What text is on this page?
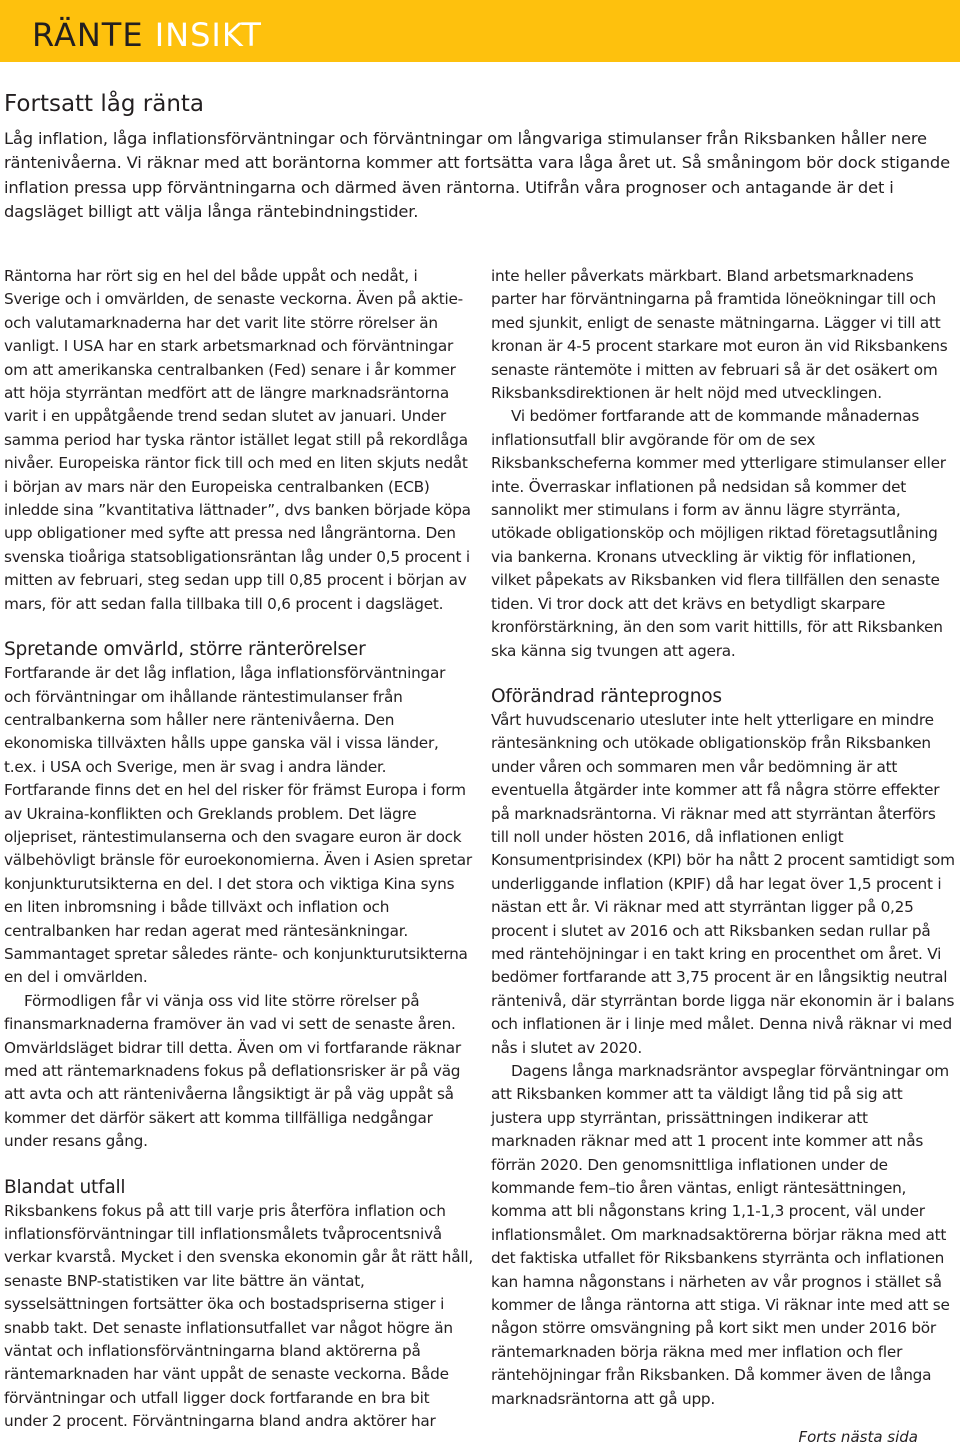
RÄNTE INSIKT
Fortsatt låg ränta

Låg inflation, låga inflationsförväntningar och förväntningar om långvariga stimulanser från Riksbanken håller nere räntenivåerna. Vi räknar med att boräntorna kommer att fortsätta vara låga året ut. Så småningom bör dock stigande inflation pressa upp förväntningarna och därmed även räntorna. Utifrån våra prognoser och antagande är det i dagsläget billigt att välja långa räntebindningstider.

Räntorna har rört sig en hel del både uppåt och nedåt, i Sverige och i omvärlden, de senaste veckorna. Även på aktie- och valutamarknaderna har det varit lite större rörelser än vanligt. I USA har en stark arbetsmarknad och förväntningar om att amerikanska centralbanken (Fed) senare i år kommer att höja styrräntan medfört att de längre marknadsräntorna varit i en uppåtgående trend sedan slutet av januari. Under samma period har tyska räntor istället legat still på rekordlåga nivåer. Europeiska räntor fick till och med en liten skjuts nedåt i början av mars när den Europeiska centralbanken (ECB) inledde sina ”kvantitativa lättnader”, dvs banken började köpa upp obligationer med syfte att pressa ned långräntorna. Den svenska tioåriga statsobligationsräntan låg under 0,5 procent i mitten av februari, steg sedan upp till 0,85 procent i början av mars, för att sedan falla tillbaka till 0,6 procent i dagsläget.

Spretande omvärld, större ränterörelser

Fortfarande är det låg inflation, låga inflationsförväntningar och förväntningar om ihållande räntestimulanser från centralbankerna som håller nere räntenivåerna. Den ekonomiska tillväxten hålls uppe ganska väl i vissa länder, t.ex. i USA och Sverige, men är svag i andra länder. Fortfarande finns det en hel del risker för främst Europa i form av Ukraina-konflikten och Greklands problem. Det lägre oljepriset, räntestimulanserna och den svagare euron är dock välbehövligt bränsle för euroekonomierna. Även i Asien spretar konjunkturutsikterna en del. I det stora och viktiga Kina syns en liten inbromsning i både tillväxt och inflation och centralbanken har redan agerat med räntesänkningar. Sammantaget spretar således ränte- och konjunkturutsikterna en del i omvärlden.

Förmodligen får vi vänja oss vid lite större rörelser på finansmarknaderna framöver än vad vi sett de senaste åren. Omvärldsläget bidrar till detta. Även om vi fortfarande räknar med att räntemarknadens fokus på deflationsrisker är på väg att avta och att räntenivåerna långsiktigt är på väg uppåt så kommer det därför säkert att komma tillfälliga nedgångar under resans gång.

Blandat utfall

Riksbankens fokus på att till varje pris återföra inflation och inflationsförväntningar till inflationsmålets tvåprocentsnivå verkar kvarstå. Mycket i den svenska ekonomin går åt rätt håll, senaste BNP-statistiken var lite bättre än väntat, sysselsättningen fortsätter öka och bostadspriserna stiger i snabb takt. Det senaste inflationsutfallet var något högre än väntat och inflationsförväntningarna bland aktörerna på räntemarknaden har vänt uppåt de senaste veckorna. Både förväntningar och utfall ligger dock fortfarande en bra bit under 2 procent. Förväntningarna bland andra aktörer har

inte heller påverkats märkbart. Bland arbetsmarknadens parter har förväntningarna på framtida löneökningar till och med sjunkit, enligt de senaste mätningarna. Lägger vi till att kronan är 4-5 procent starkare mot euron än vid Riksbankens senaste räntemöte i mitten av februari så är det osäkert om Riksbanksdirektionen är helt nöjd med utvecklingen.

Vi bedömer fortfarande att de kommande månadernas inflationsutfall blir avgörande för om de sex Riksbankscheferna kommer med ytterligare stimulanser eller inte. Överraskar inflationen på nedsidan så kommer det sannolikt mer stimulans i form av ännu lägre styrränta, utökade obligationsköp och möjligen riktad företagsutlåning via bankerna. Kronans utveckling är viktig för inflationen, vilket påpekats av Riksbanken vid flera tillfällen den senaste tiden. Vi tror dock att det krävs en betydligt skarpare kronförstärkning, än den som varit hittills, för att Riksbanken ska känna sig tvungen att agera.

Oförändrad ränteprognos

Vårt huvudscenario utesluter inte helt ytterligare en mindre räntesänkning och utökade obligationsköp från Riksbanken under våren och sommaren men vår bedömning är att eventuella åtgärder inte kommer att få några större effekter på marknadsräntorna. Vi räknar med att styrräntan återförs till noll under hösten 2016, då inflationen enligt Konsumentprisindex (KPI) bör ha nått 2 procent samtidigt som underliggande inflation (KPIF) då har legat över 1,5 procent i nästan ett år. Vi räknar med att styrräntan ligger på 0,25 procent i slutet av 2016 och att Riksbanken sedan rullar på med räntehöjningar i en takt kring en procenthet om året. Vi bedömer fortfarande att 3,75 procent är en långsiktig neutral räntenivå, där styrräntan borde ligga när ekonomin är i balans och inflationen är i linje med målet. Denna nivå räknar vi med nås i slutet av 2020.

Dagens långa marknadsräntor avspeglar förväntningar om att Riksbanken kommer att ta väldigt lång tid på sig att justera upp styrräntan, prissättningen indikerar att marknaden räknar med att 1 procent inte kommer att nås förrän 2020. Den genomsnittliga inflationen under de kommande fem–tio åren väntas, enligt räntesättningen, komma att bli någonstans kring 1,1-1,3 procent, väl under inflationsmålet. Om marknadsaktörerna börjar räkna med att det faktiska utfallet för Riksbankens styrränta och inflationen kan hamna någonstans i närheten av vår prognos i stället så kommer de långa räntorna att stiga. Vi räknar inte med att se någon större omsvängning på kort sikt men under 2016 bör räntemarknaden börja räkna med mer inflation och fler räntehöjningar från Riksbanken. Då kommer även de långa marknadsräntorna att gå upp.

Forts nästa sida
